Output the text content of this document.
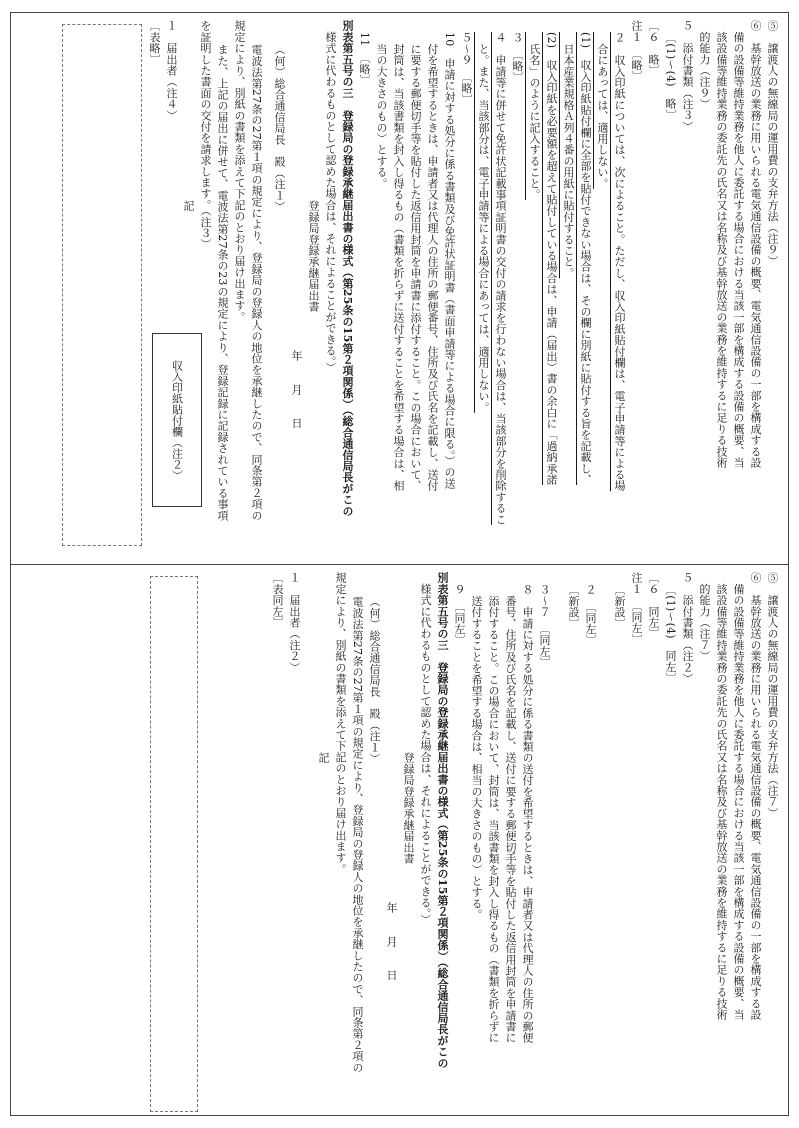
⑤　譲渡人の無線局の運用費の支弁方法（注９）
⑥　基幹放送の業務に用いられる電気通信設備の概要、電気通信設備の一部を構成する設
　備の設備等維持業務を他人に委託する場合における当該一部を構成する設備の概要、当
　該設備等維持業務の委託先の氏名又は名称及び基幹放送の業務を維持するに足りる技術
　的能力（注９）
５　添付書類（注３）
〔(1)〜(4)　略〕
〔６　略〕
注１　〔略〕
２　収入印紙については、次によること。ただし、収入印紙貼付欄は、電子申請等による場
　合にあっては、適用しない。
(1)　収入印紙貼付欄に全部を貼付できない場合は、その欄に別紙に貼付する旨を記載し、
　日本産業規格Ａ列４番の用紙に貼付すること。
(2)　収入印紙を必要額を超えて貼付している場合は、申請（届出）書の余白に「過納承諾
　氏名」のように記入すること。
３　〔略〕
４　申請等に併せて免許状記載事項証明書の交付の請求を行わない場合は、当該部分を削除するこ
　と。また、当該部分は、電子申請等による場合にあっては、適用しない。
５〜９　〔略〕
10　申請に対する処分に係る書類及び免許状証明書（書面申請等による場合に限る。）の送
　付を希望するときは、申請者又は代理人の住所の郵便番号、住所及び氏名を記載し、送付
　に要する郵便切手等を貼付した返信用封筒を申請書に添付すること。この場合において、
　封筒は、当該書類を封入し得るもの（書類を折らずに送付することを希望する場合は、相
　当の大きさのもの）とする。
11　〔略〕
別表第五号の三　登録局の登録承継届出書の様式（第25条の15第２項関係）（総合通信局長がこの
　様式に代わるものとして認めた場合は、それによることができる。）
登録局登録承継届出書
年　　月　　日
（何）総合通信局長　殿（注１）
電波法第27条の27第１項の規定により、登録局の登録人の地位を承継したので、同条第２項の
規定により、別紙の書類を添えて下記のとおり届け出ます。
また、上記の届出に併せて、電波法第27条の23の規定により、登録記録に記録されている事項
を証明した書面の交付を請求します。（注３）
記
１　届出者（注４）
〔表略〕
収入印紙貼付欄（注２）
⑤　譲渡人の無線局の運用費の支弁方法（注７）
⑥　基幹放送の業務に用いられる電気通信設備の概要、電気通信設備の一部を構成する設
　備の設備等維持業務を他人に委託する場合における当該一部を構成する設備の概要、当
　該設備等維持業務の委託先の氏名又は名称及び基幹放送の業務を維持するに足りる技術
　的能力（注７）
５　添付書類（注２）
〔(1)〜(4)　同左〕
〔６　同左〕
注１　〔同左〕
〔新設〕
２　〔同左〕
〔新設〕
３〜７　〔同左〕
８　申請に対する処分に係る書類の送付を希望するときは、申請者又は代理人の住所の郵便
　番号、住所及び氏名を記載し、送付に要する郵便切手等を貼付した返信用封筒を申請書に
　添付すること。この場合において、封筒は、当該書類を封入し得るもの（書類を折らずに
　送付することを希望する場合は、相当の大きさのもの）とする。
９　〔同左〕
別表第五号の三　登録局の登録承継届出書の様式（第25条の15第２項関係）（総合通信局長がこの
　様式に代わるものとして認めた場合は、それによることができる。）
登録局登録承継届出書
年　　月　　日
（何）総合通信局長　殿（注１）
電波法第27条の27第１項の規定により、登録局の登録人の地位を承継したので、同条第２項の
規定により、別紙の書類を添えて下記のとおり届け出ます。
記
１　届出者（注２）
〔表同左〕
